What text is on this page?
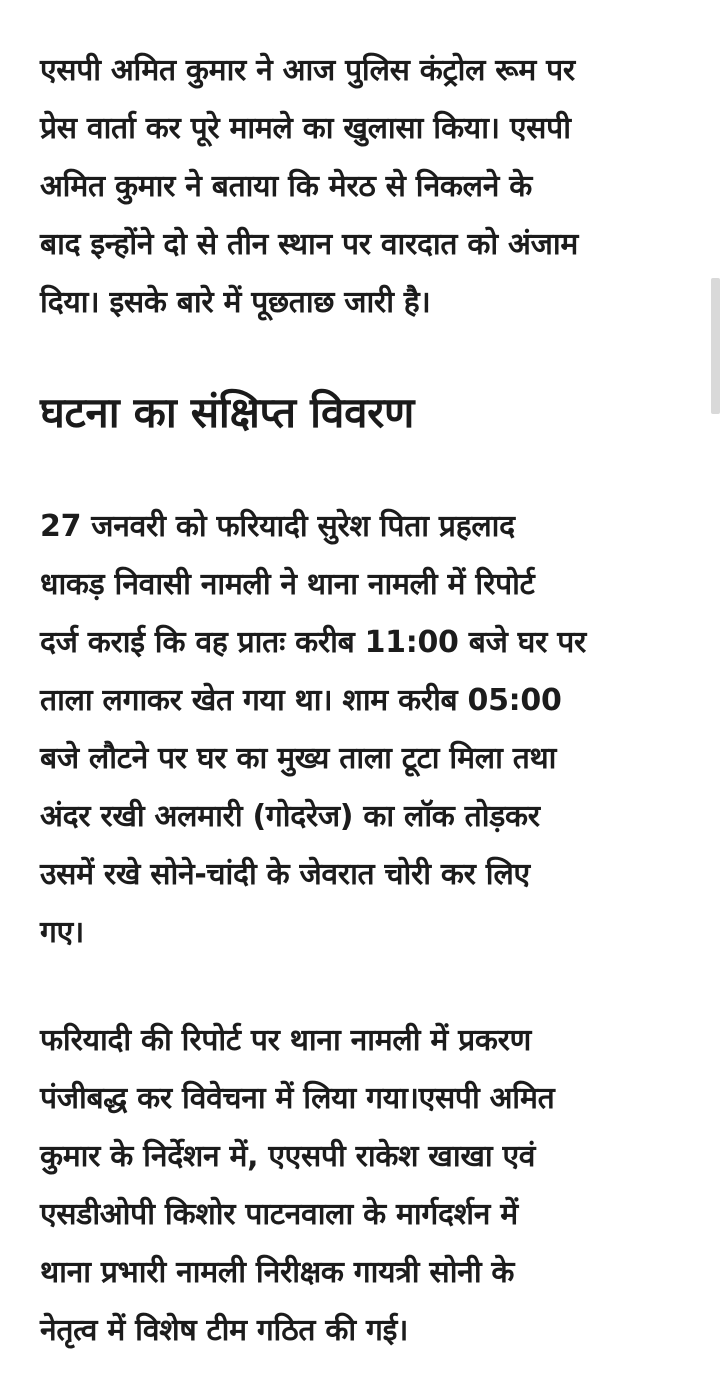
एसपी अमित कुमार ने आज पुलिस कंट्रोल रूम पर
प्रेस वार्ता कर पूरे मामले का खुलासा किया। एसपी
अमित कुमार ने बताया कि मेरठ से निकलने के
बाद इन्होंने दो से तीन स्थान पर वारदात को अंजाम
दिया। इसके बारे में पूछताछ जारी है।

घटना का संक्षिप्त विवरण

27 जनवरी को फरियादी सुरेश पिता प्रहलाद
धाकड़ निवासी नामली ने थाना नामली में रिपोर्ट
दर्ज कराई कि वह प्रातः करीब 11:00 बजे घर पर
ताला लगाकर खेत गया था। शाम करीब 05:00
बजे लौटने पर घर का मुख्य ताला टूटा मिला तथा
अंदर रखी अलमारी (गोदरेज) का लॉक तोड़कर
उसमें रखे सोने-चांदी के जेवरात चोरी कर लिए
गए।

फरियादी की रिपोर्ट पर थाना नामली में प्रकरण
पंजीबद्ध कर विवेचना में लिया गया।एसपी अमित
कुमार के निर्देशन में, एएसपी राकेश खाखा एवं
एसडीओपी किशोर पाटनवाला के मार्गदर्शन में
थाना प्रभारी नामली निरीक्षक गायत्री सोनी के
नेतृत्व में विशेष टीम गठित की गई।
